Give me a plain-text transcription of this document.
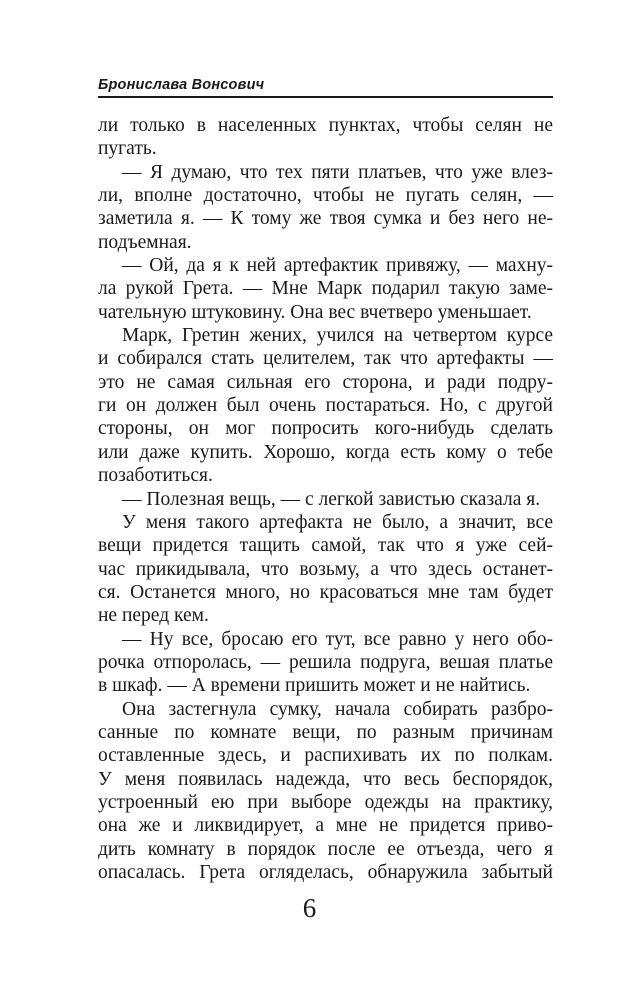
Бронислава Вонсович
ли только в населенных пунктах, чтобы селян не
пугать.
— Я думаю, что тех пяти платьев, что уже влез-
ли, вполне достаточно, чтобы не пугать селян, —
заметила я. — К тому же твоя сумка и без него не-
подъемная.
— Ой, да я к ней артефактик привяжу, — махну-
ла рукой Грета. — Мне Марк подарил такую заме-
чательную штуковину. Она вес вчетверо уменьшает.
Марк, Гретин жених, учился на четвертом курсе
и собирался стать целителем, так что артефакты —
это не самая сильная его сторона, и ради подру-
ги он должен был очень постараться. Но, с другой
стороны, он мог попросить кого-нибудь сделать
или даже купить. Хорошо, когда есть кому о тебе
позаботиться.
— Полезная вещь, — с легкой завистью сказала я.
У меня такого артефакта не было, а значит, все
вещи придется тащить самой, так что я уже сей-
час прикидывала, что возьму, а что здесь останет-
ся. Останется много, но красоваться мне там будет
не перед кем.
— Ну все, бросаю его тут, все равно у него обо-
рочка отпоролась, — решила подруга, вешая платье
в шкаф. — А времени пришить может и не найтись.
Она застегнула сумку, начала собирать разбро-
санные по комнате вещи, по разным причинам
оставленные здесь, и распихивать их по полкам.
У меня появилась надежда, что весь беспорядок,
устроенный ею при выборе одежды на практику,
она же и ликвидирует, а мне не придется приво-
дить комнату в порядок после ее отъезда, чего я
опасалась. Грета огляделась, обнаружила забытый
6
